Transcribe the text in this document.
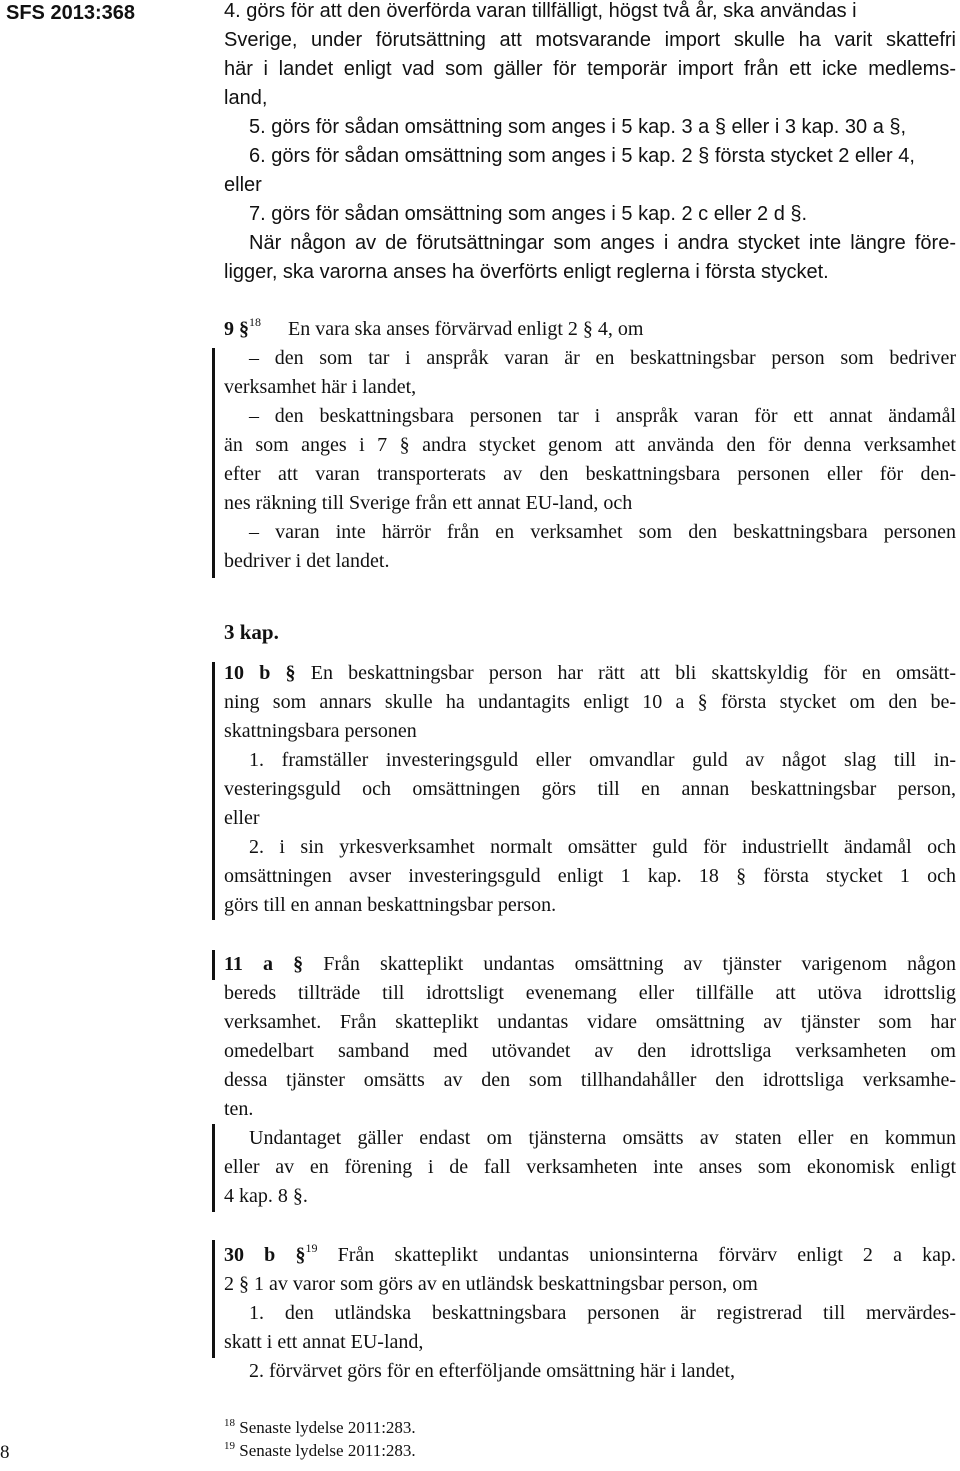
SFS 2013:368	4. görs för att den överförda varan tillfälligt, högst två år, ska användas i
Sverige, under förutsättning att motsvarande import skulle ha varit skattefri
här i landet enligt vad som gäller för temporär import från ett icke medlems-
land,
5. görs för sådan omsättning som anges i 5 kap. 3 a § eller i 3 kap. 30 a §,
6. görs för sådan omsättning som anges i 5 kap. 2 § första stycket 2 eller 4,
eller
7. görs för sådan omsättning som anges i 5 kap. 2 c eller 2 d §.
När någon av de förutsättningar som anges i andra stycket inte längre före-
ligger, ska varorna anses ha överförts enligt reglerna i första stycket.
9 §$^{18}$ En vara ska anses förvärvad enligt 2 § 4, om
– den som tar i anspråk varan är en beskattningsbar person som bedriver
verksamhet här i landet,
– den beskattningsbara personen tar i anspråk varan för ett annat ändamål
än som anges i 7 § andra stycket genom att använda den för denna verksamhet
efter att varan transporterats av den beskattningsbara personen eller för den-
nes räkning till Sverige från ett annat EU-land, och
– varan inte härrör från en verksamhet som den beskattningsbara personen
bedriver i det landet.
3 kap.
10 b § En beskattningsbar person har rätt att bli skattskyldig för en omsätt-
ning som annars skulle ha undantagits enligt 10 a § första stycket om den be-
skattningsbara personen
1. framställer investeringsguld eller omvandlar guld av något slag till in-
vesteringsguld och omsättningen görs till en annan beskattningsbar person,
eller
2. i sin yrkesverksamhet normalt omsätter guld för industriellt ändamål och
omsättningen avser investeringsguld enligt 1 kap. 18 § första stycket 1 och
görs till en annan beskattningsbar person.
11 a § Från skatteplikt undantas omsättning av tjänster varigenom någon
bereds tillträde till idrottsligt evenemang eller tillfälle att utöva idrottslig
verksamhet. Från skatteplikt undantas vidare omsättning av tjänster som har
omedelbart samband med utövandet av den idrottsliga verksamheten om
dessa tjänster omsätts av den som tillhandahåller den idrottsliga verksamhe-
ten.
Undantaget gäller endast om tjänsterna omsätts av staten eller en kommun
eller av en förening i de fall verksamheten inte anses som ekonomisk enligt
4 kap. 8 §.
30 b §$^{19}$ Från skatteplikt undantas unionsinterna förvärv enligt 2 a kap.
2 § 1 av varor som görs av en utländsk beskattningsbar person, om
1. den utländska beskattningsbara personen är registrerad till mervärdes-
skatt i ett annat EU-land,
2. förvärvet görs för en efterföljande omsättning här i landet,
$^{18}$ Senaste lydelse 2011:283.
$^{19}$ Senaste lydelse 2011:283.
8
